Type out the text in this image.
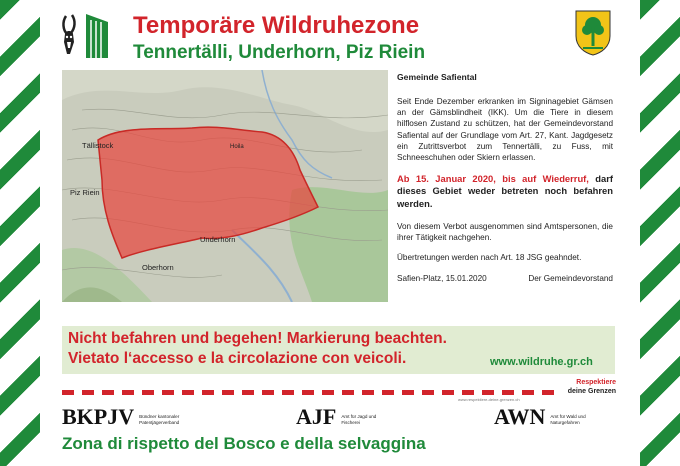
Temporäre Wildruhezone
Tennertälli, Underhorn, Piz Riein
Tällistock
Piz Riein
Underhorn
Oberhorn
Hoila

Gemeinde Safiental

Seit Ende Dezember erkranken im Signinagebiet Gämsen an der Gämsblindheit (IKK). Um die Tiere in diesem hilflosen Zustand zu schützen, hat der Gemeindevorstand Safiental auf der Grundlage vom Art. 27, Kant. Jagdgesetz ein Zutrittsverbot zum Tennertälli, zu Fuss, mit Schneeschuhen oder Skiern erlassen.

Ab 15. Januar 2020, bis auf Wiederruf, darf dieses Gebiet weder betreten noch befahren werden.

Von diesem Verbot ausgenommen sind Amtspersonen, die ihrer Tätigkeit nachgehen.

Übertretungen werden nach Art. 18 JSG geahndet.

Safien-Platz, 15.01.2020	Der Gemeindevorstand
Nicht befahren und begehen! Markierung beachten.
Vietato l‘accesso e la circolazione con veicoli.	www.wildruhe.gr.ch
www.respektiere-deine-grenzen.ch
Respektiere
deine Grenzen
BKPJV Bündner kantonaler Patentjägerverband	AJF Amt für Jagd und Fischerei	AWN Amt für Wald und Naturgefahren
Zona di rispetto del Bosco e della selvaggina
